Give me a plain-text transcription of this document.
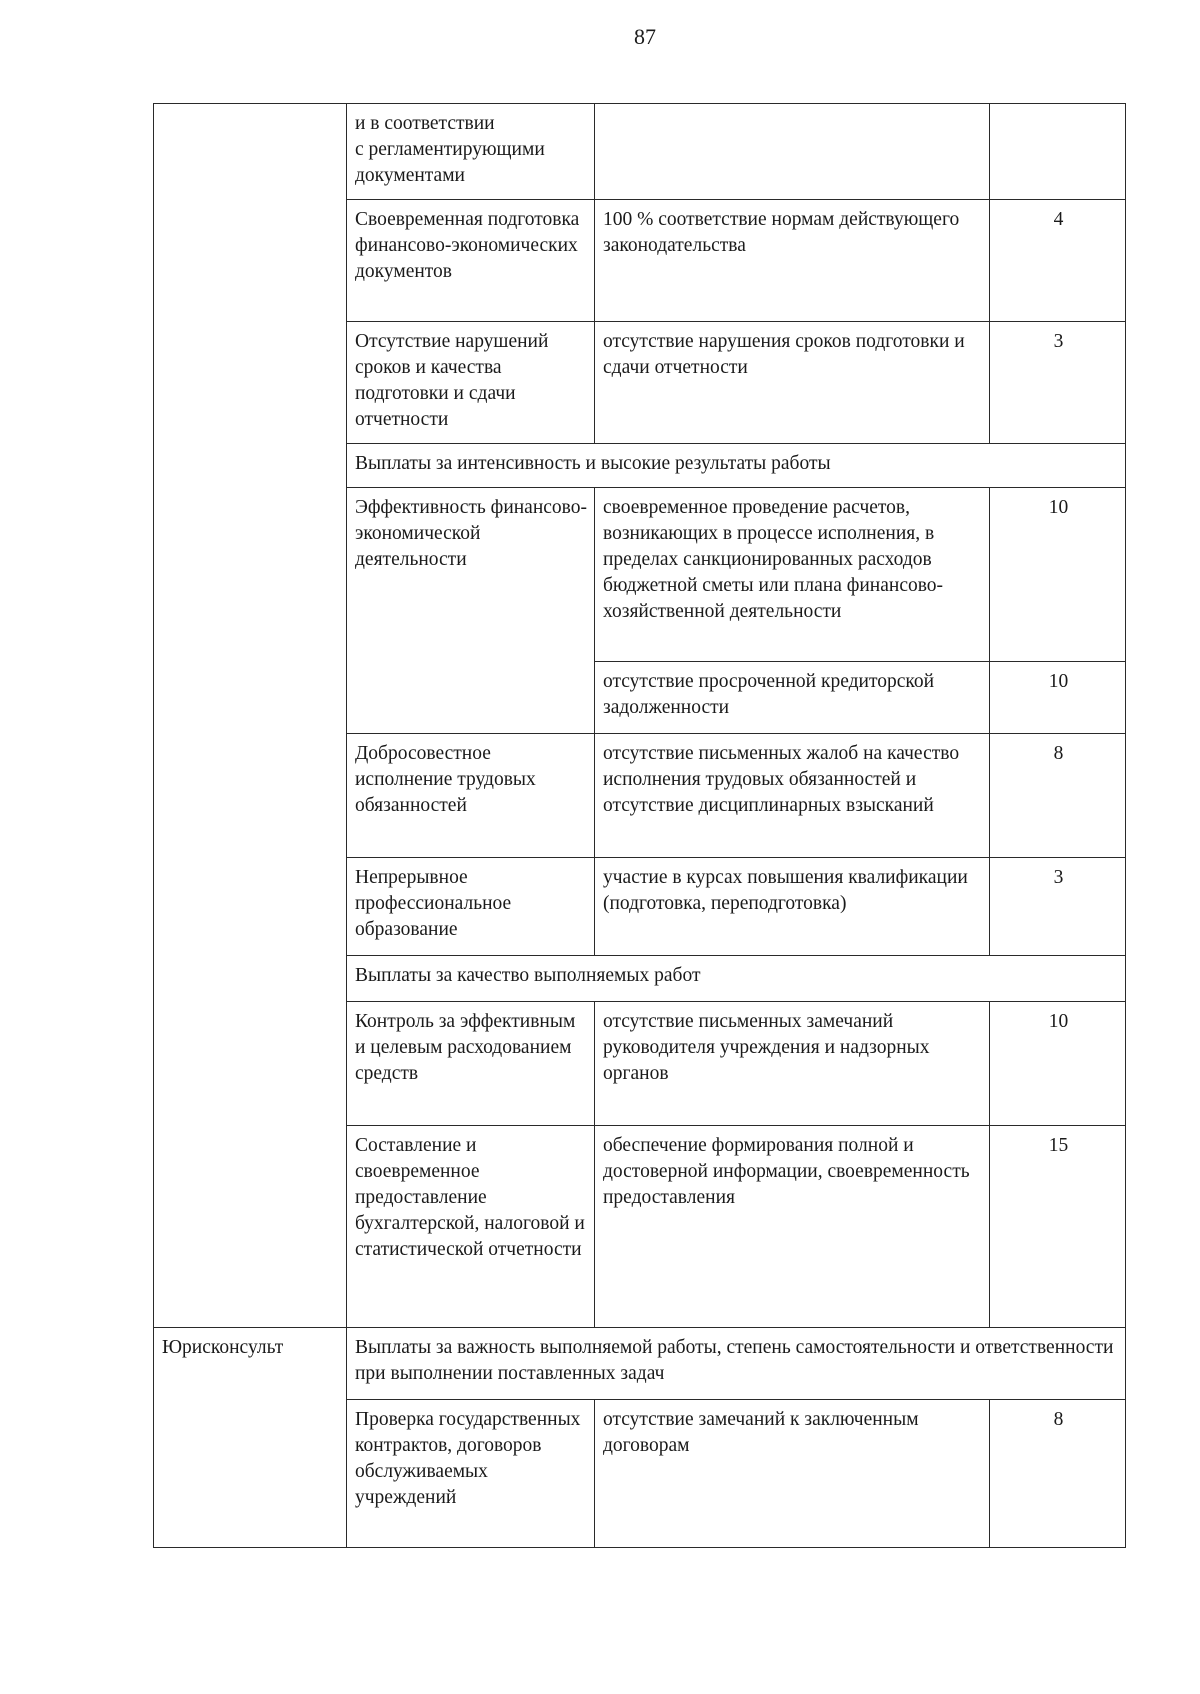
87
	и в соответствии
с регламентирующими
документами		
	Своевременная подготовка финансово-экономических документов	100 % соответствие нормам действующего законодательства	4
	Отсутствие нарушений сроков и качества подготовки и сдачи отчетности	отсутствие нарушения сроков подготовки и сдачи отчетности	3
	Выплаты за интенсивность и высокие результаты работы		
	Эффективность финансово-экономической деятельности	своевременное проведение расчетов, возникающих в процессе исполнения, в пределах санкционированных расходов бюджетной сметы или плана финансово-хозяйственной деятельности	10
		отсутствие просроченной кредиторской задолженности	10
	Добросовестное исполнение трудовых обязанностей	отсутствие письменных жалоб на качество исполнения трудовых обязанностей и отсутствие дисциплинарных взысканий	8
	Непрерывное профессиональное образование	участие в курсах повышения квалификации (подготовка, переподготовка)	3
	Выплаты за качество выполняемых работ		
	Контроль за эффективным и целевым расходованием средств	отсутствие письменных замечаний руководителя учреждения и надзорных органов	10
	Составление и своевременное предоставление бухгалтерской, налоговой и статистической отчетности	обеспечение формирования полной и достоверной информации, своевременность предоставления	15
Юрисконсульт	Выплаты за важность выполняемой работы, степень самостоятельности и ответственности при выполнении поставленных задач		
	Проверка государственных контрактов, договоров обслуживаемых учреждений	отсутствие замечаний к заключенным договорам	8
